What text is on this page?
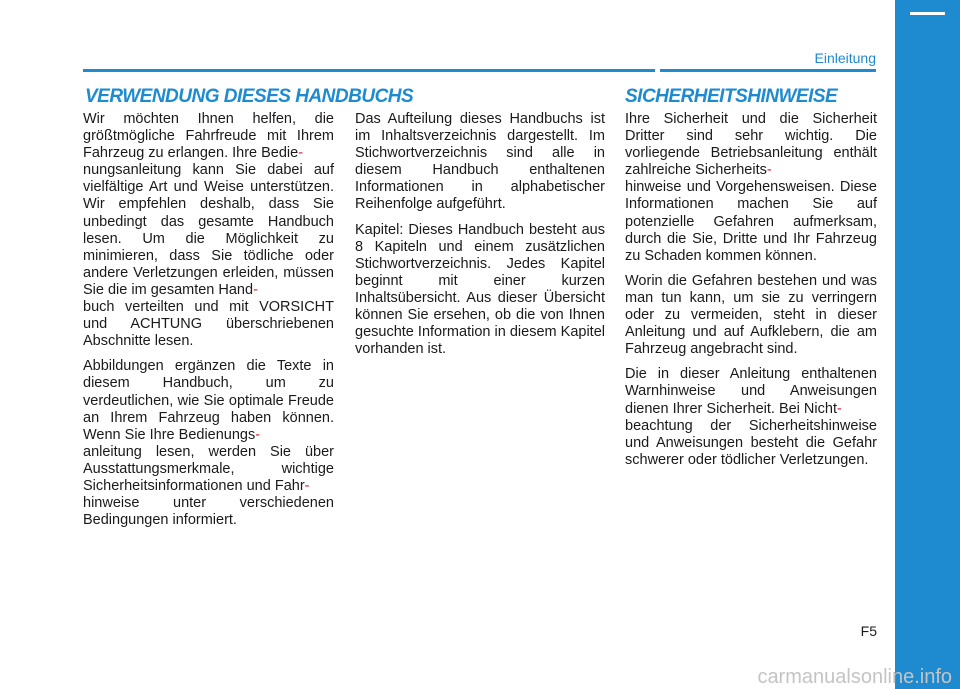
Einleitung
VERWENDUNG DIESES HANDBUCHS	SICHERHEITSHINWEISE

Wir möchten Ihnen helfen, die größtmögliche Fahrfreude mit Ihrem Fahrzeug zu erlangen. Ihre Bedie-
nungsanleitung kann Sie dabei auf vielfältige Art und Weise unterstützen. Wir empfehlen deshalb, dass Sie unbedingt das gesamte Handbuch lesen. Um die Möglichkeit zu minimieren, dass Sie tödliche oder andere Verletzungen erleiden, müssen Sie die im gesamten Hand-
buch verteilten und mit VORSICHT und ACHTUNG überschriebenen Abschnitte lesen.

Abbildungen ergänzen die Texte in diesem Handbuch, um zu verdeutlichen, wie Sie optimale Freude an Ihrem Fahrzeug haben können. Wenn Sie Ihre Bedienungs-
anleitung lesen, werden Sie über Ausstattungsmerkmale, wichtige Sicherheitsinformationen und Fahr-
hinweise unter verschiedenen Bedingungen informiert.

Das Aufteilung dieses Handbuchs ist im Inhaltsverzeichnis dargestellt. Im Stichwortverzeichnis sind alle in diesem Handbuch enthaltenen Informationen in alphabetischer Reihenfolge aufgeführt.

Kapitel: Dieses Handbuch besteht aus 8 Kapiteln und einem zusätzlichen Stichwortverzeichnis. Jedes Kapitel beginnt mit einer kurzen Inhaltsübersicht. Aus dieser Übersicht können Sie ersehen, ob die von Ihnen gesuchte Information in diesem Kapitel vorhanden ist.

Ihre Sicherheit und die Sicherheit Dritter sind sehr wichtig. Die vorliegende Betriebsanleitung enthält zahlreiche Sicherheits-
hinweise und Vorgehensweisen. Diese Informationen machen Sie auf potenzielle Gefahren aufmerksam, durch die Sie, Dritte und Ihr Fahrzeug zu Schaden kommen können.

Worin die Gefahren bestehen und was man tun kann, um sie zu verringern oder zu vermeiden, steht in dieser Anleitung und auf Aufklebern, die am Fahrzeug angebracht sind.

Die in dieser Anleitung enthaltenen Warnhinweise und Anweisungen dienen Ihrer Sicherheit. Bei Nicht-
beachtung der Sicherheitshinweise und Anweisungen besteht die Gefahr schwerer oder tödlicher Verletzungen.

F5
carmanualsonline.info
